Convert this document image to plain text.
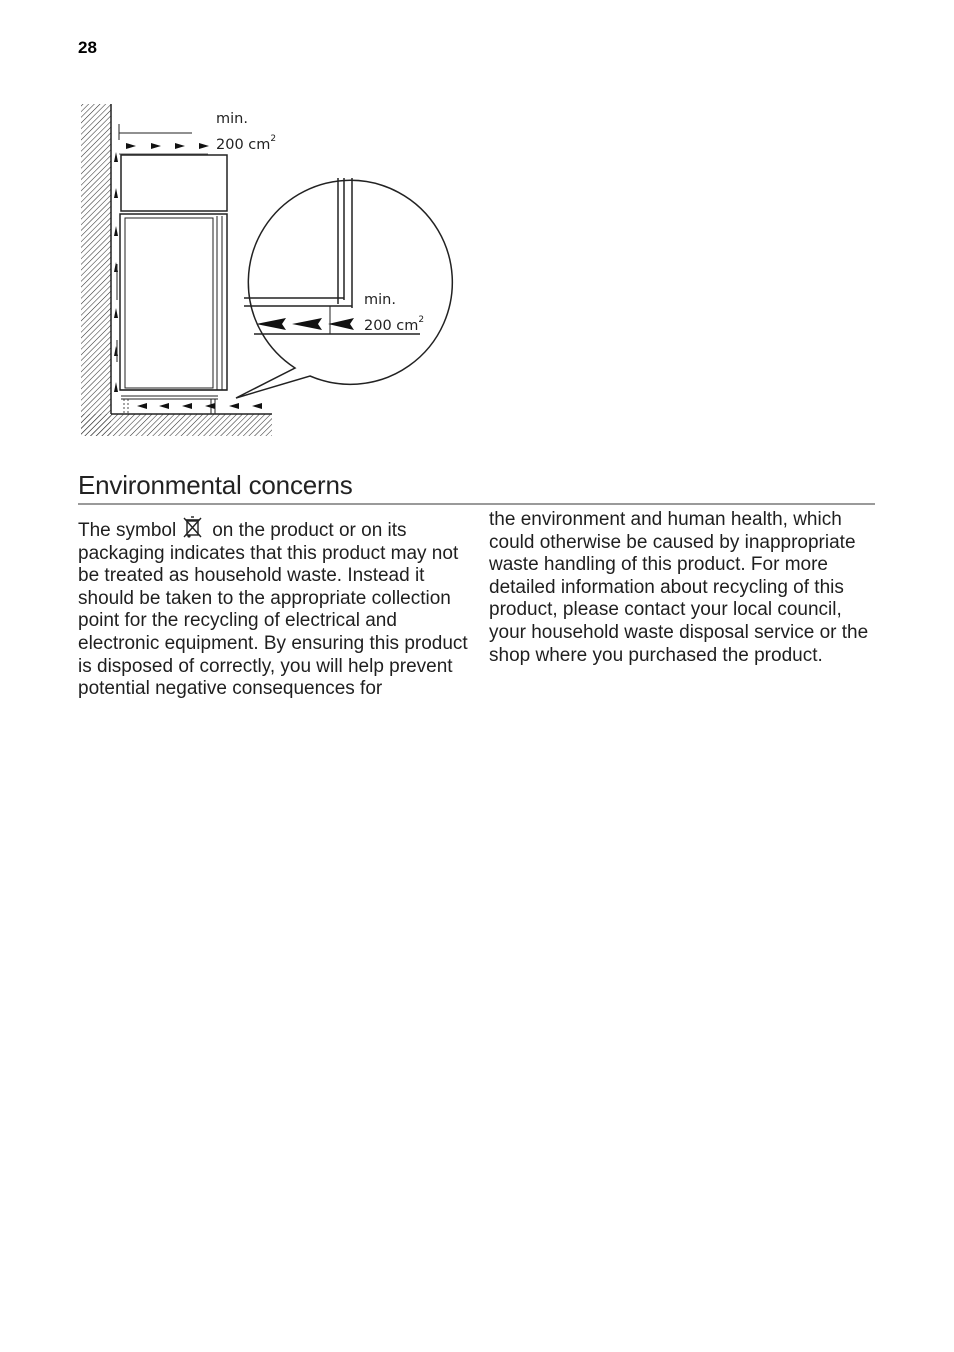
28
min.
200 $cm^2$
min.
200 $cm^2$
Environmental concerns

The symbol on the product or on its packaging indicates that this product may not be treated as household waste. Instead it should be taken to the appropriate collection point for the recycling of electrical and electronic equipment. By ensuring this product is disposed of correctly, you will help prevent potential negative consequences for

the environment and human health, which could otherwise be caused by inappropriate waste handling of this product. For more detailed information about recycling of this product, please contact your local council, your household waste disposal service or the shop where you purchased the product.
